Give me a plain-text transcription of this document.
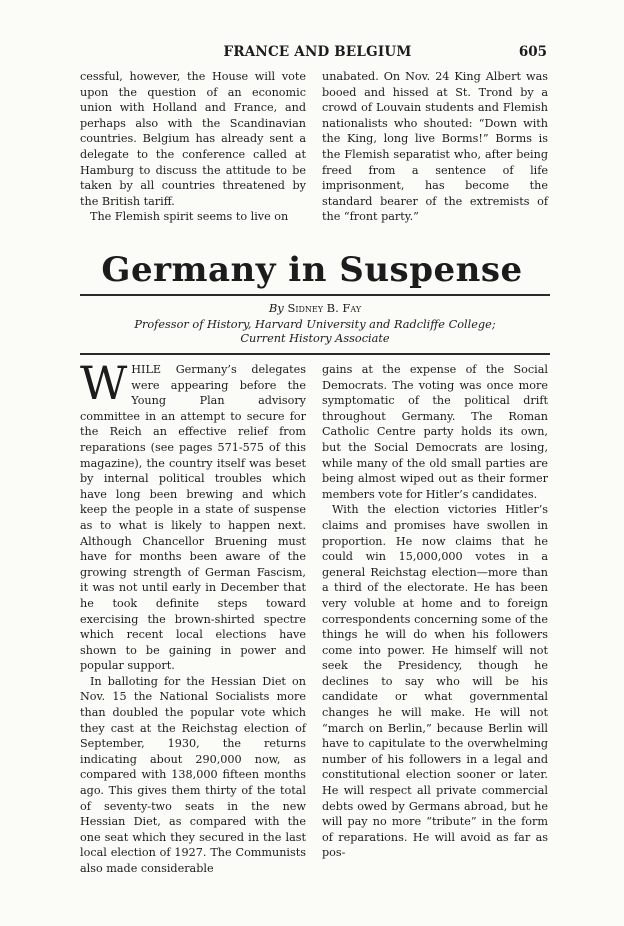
FRANCE AND BELGIUM	605

cessful, however, the House will vote upon the question of an economic union with Holland and France, and perhaps also with the Scandinavian countries. Belgium has already sent a delegate to the conference called at Hamburg to discuss the attitude to be taken by all countries threatened by the British tariff.

The Flemish spirit seems to live on

unabated. On Nov. 24 King Albert was booed and hissed at St. Trond by a crowd of Louvain students and Flemish nationalists who shouted: “Down with the King, long live Borms!” Borms is the Flemish separatist who, after being freed from a sentence of life imprisonment, has become the standard bearer of the extremists of the “front party.”

Germany in Suspense
By Sidney B. Fay
Professor of History, Harvard University and Radcliffe College;
Current History Associate

WHILE Germany’s delegates were appearing before the Young Plan advisory committee in an attempt to secure for the Reich an effective relief from reparations (see pages 571-575 of this magazine), the country itself was beset by internal political troubles which have long been brewing and which keep the people in a state of suspense as to what is likely to happen next. Although Chancellor Bruening must have for months been aware of the growing strength of German Fascism, it was not until early in December that he took definite steps toward exercising the brown-shirted spectre which recent local elections have shown to be gaining in power and popular support.

In balloting for the Hessian Diet on Nov. 15 the National Socialists more than doubled the popular vote which they cast at the Reichstag election of September, 1930, the returns indicating about 290,000 now, as compared with 138,000 fifteen months ago. This gives them thirty of the total of seventy-two seats in the new Hessian Diet, as compared with the one seat which they secured in the last local election of 1927. The Communists also made considerable

gains at the expense of the Social Democrats. The voting was once more symptomatic of the political drift throughout Germany. The Roman Catholic Centre party holds its own, but the Social Democrats are losing, while many of the old small parties are being almost wiped out as their former members vote for Hitler’s candidates.

With the election victories Hitler’s claims and promises have swollen in proportion. He now claims that he could win 15,000,000 votes in a general Reichstag election—more than a third of the electorate. He has been very voluble at home and to foreign correspondents concerning some of the things he will do when his followers come into power. He himself will not seek the Presidency, though he declines to say who will be his candidate or what governmental changes he will make. He will not “march on Berlin,” because Berlin will have to capitulate to the overwhelming number of his followers in a legal and constitutional election sooner or later. He will respect all private commercial debts owed by Germans abroad, but he will pay no more “tribute” in the form of reparations. He will avoid as far as pos-
